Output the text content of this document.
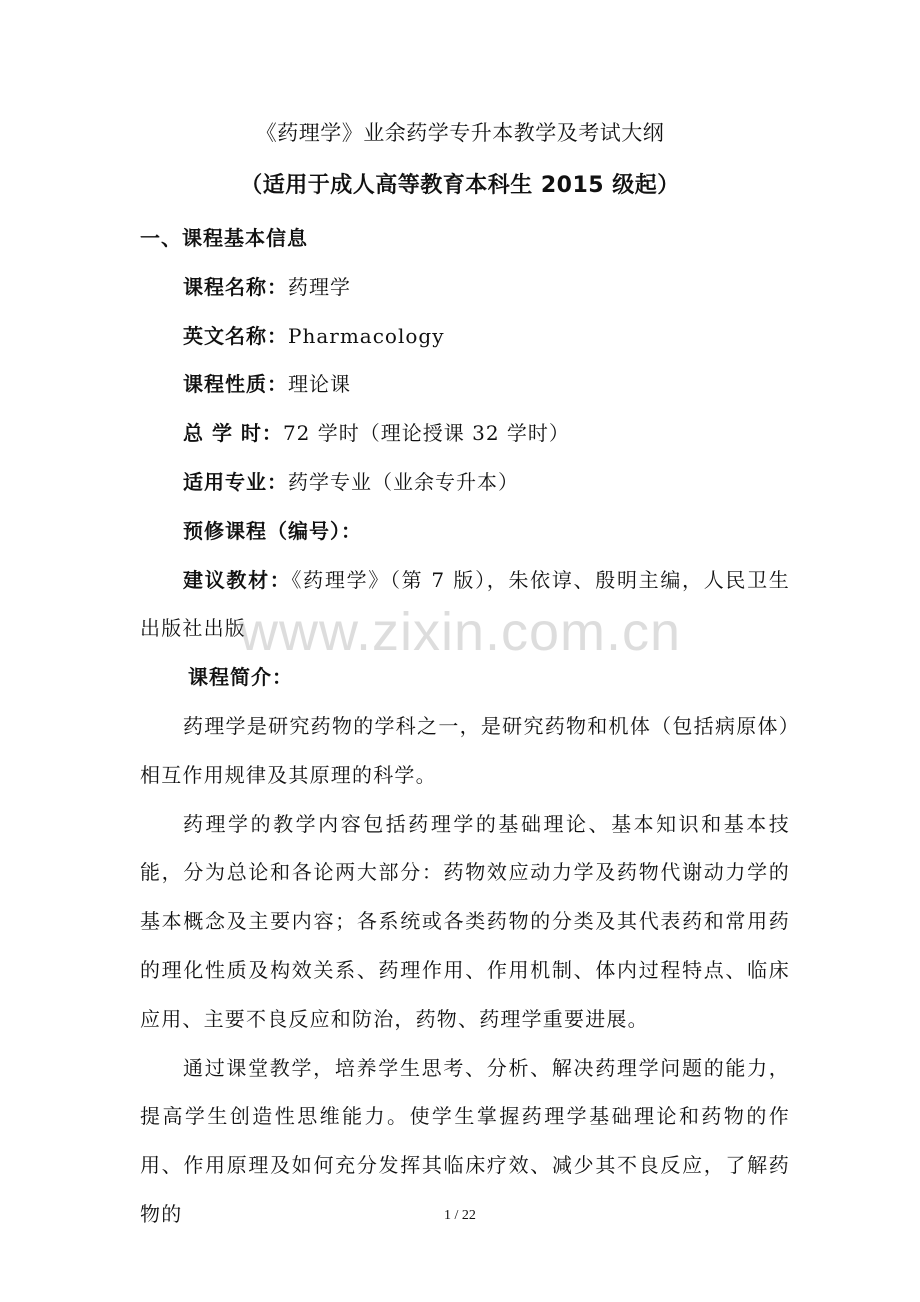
《药理学》业余药学专升本教学及考试大纲
（适用于成人高等教育本科生 2015 级起）
一、课程基本信息
课程名称：药理学
英文名称：Pharmacology
课程性质：理论课
总 学 时：72 学时（理论授课 32 学时）
适用专业：药学专业（业余专升本）
预修课程（编号）：

建议教材：《药理学》（第 7 版），朱依谆、殷明主编，人民卫生出版社出版

课程简介：

药理学是研究药物的学科之一，是研究药物和机体（包括病原体）相互作用规律及其原理的科学。

药理学的教学内容包括药理学的基础理论、基本知识和基本技能，分为总论和各论两大部分：药物效应动力学及药物代谢动力学的基本概念及主要内容；各系统或各类药物的分类及其代表药和常用药的理化性质及构效关系、药理作用、作用机制、体内过程特点、临床应用、主要不良反应和防治，药物、药理学重要进展。

通过课堂教学，培养学生思考、分析、解决药理学问题的能力，提高学生创造性思维能力。使学生掌握药理学基础理论和药物的作用、作用原理及如何充分发挥其临床疗效、减少其不良反应，了解药物的

www.zixin.com.cn
1 / 22
